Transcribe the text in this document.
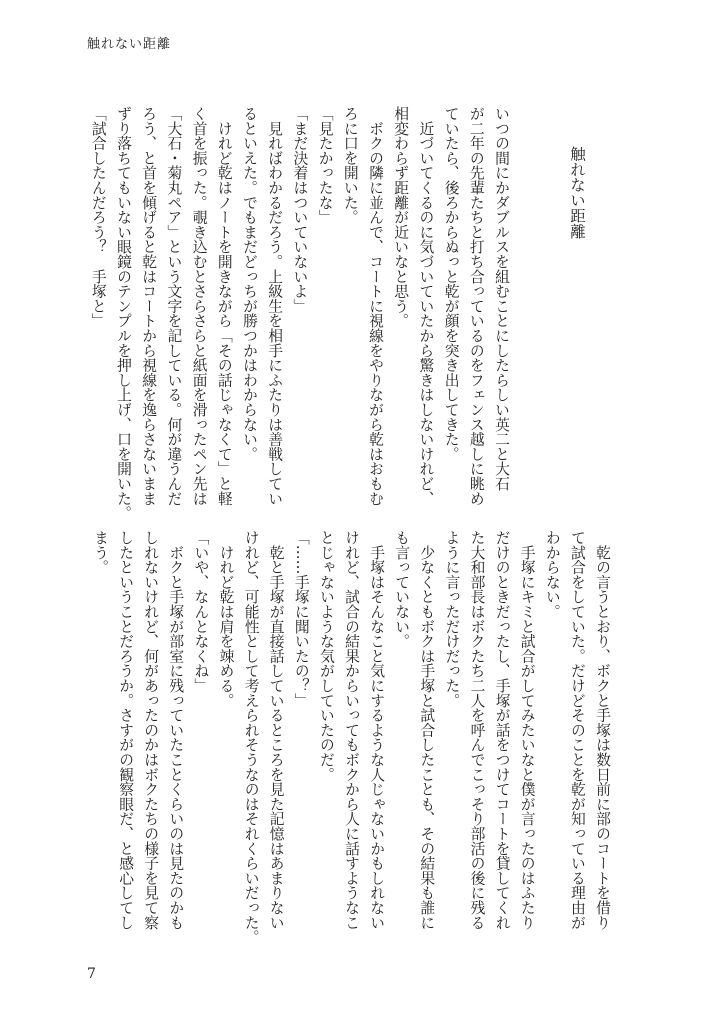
触れない距離
触れない距離
いつの間にかダブルスを組むことにしたらしい英二と大石
が二年の先輩たちと打ち合っているのをフェンス越しに眺め
ていたら、後ろからぬっと乾が顔を突き出してきた。
　近づいてくるのに気づいていたから驚きはしないけれど、
相変わらず距離が近いなと思う。
　ボクの隣に並んで、コートに視線をやりながら乾はおもむ
ろに口を開いた。
「見たかったな」
「まだ決着はついていないよ」
　見ればわかるだろう。上級生を相手にふたりは善戦してい
るといえた。でもまだどっちが勝つかはわからない。
　けれど乾はノートを開きながら「その話じゃなくて」と軽
く首を振った。覗き込むとさらさらと紙面を滑ったペン先は
「大石・菊丸ペア」という文字を記している。何が違うんだ
ろう、と首を傾げると乾はコートから視線を逸らさないまま
ずり落ちてもいない眼鏡のテンプルを押し上げ、口を開いた。
「試合したんだろう？　手塚と」
　乾の言うとおり、ボクと手塚は数日前に部のコートを借り
て試合をしていた。だけどそのことを乾が知っている理由が
わからない。
　手塚にキミと試合がしてみたいなと僕が言ったのはふたり
だけのときだったし、手塚が話をつけてコートを貸してくれ
た大和部長はボクたち二人を呼んでこっそり部活の後に残る
ように言っただけだった。
　少なくともボクは手塚と試合したことも、その結果も誰に
も言っていない。
　手塚はそんなこと気にするような人じゃないかもしれない
けれど、試合の結果からいってもボクから人に話すようなこ
とじゃないような気がしていたのだ。
「……手塚に聞いたの？」
　乾と手塚が直接話しているところを見た記憶はあまりない
けれど、可能性として考えられそうなのはそれくらいだった。
　けれど乾は肩を竦める。
「いや、なんとなくね」
　ボクと手塚が部室に残っていたことくらいのは見たのかも
しれないけれど、何があったのかはボクたちの様子を見て察
したということだろうか。さすがの観察眼だ、と感心してし
まう。
7
